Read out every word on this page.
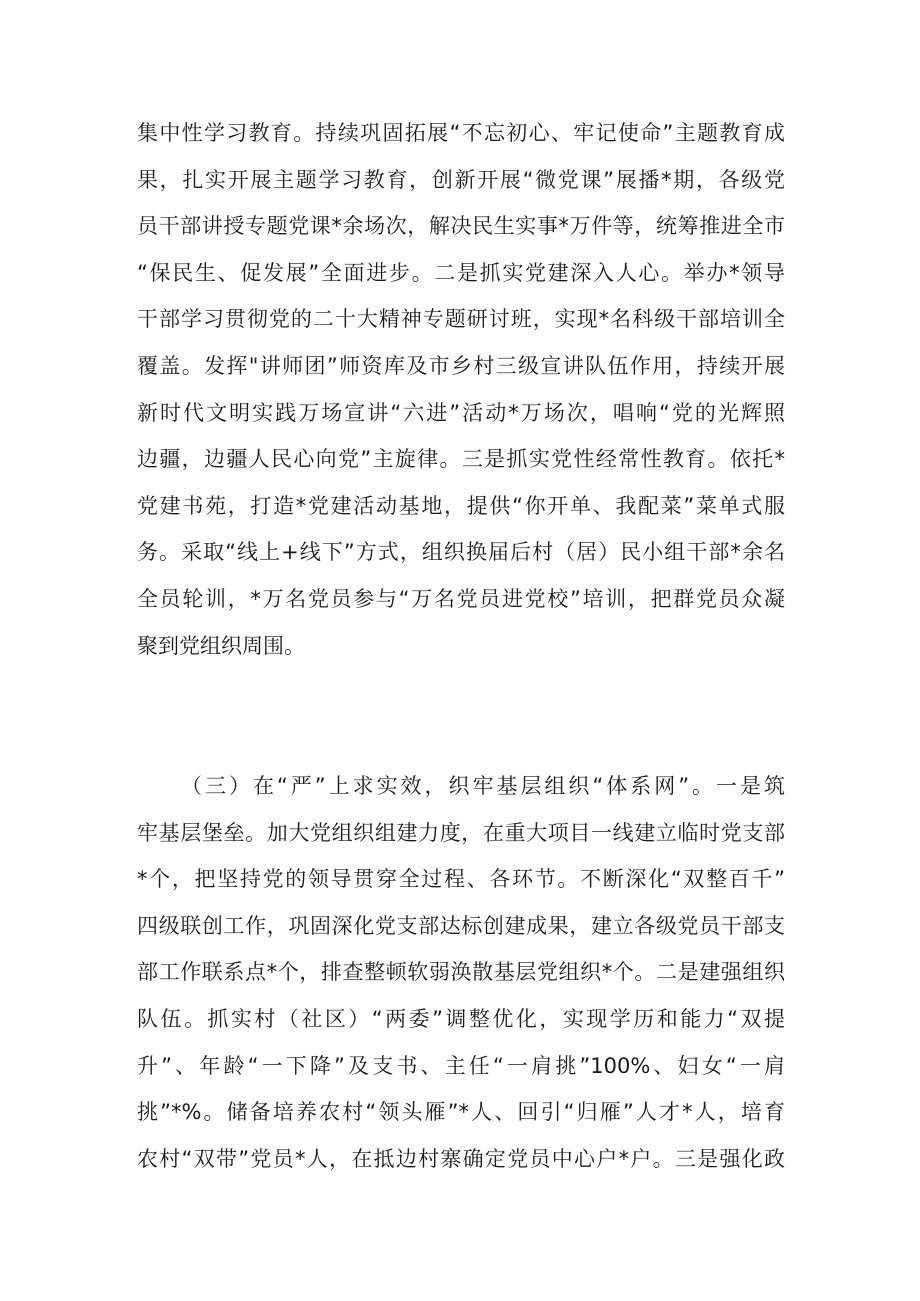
集中性学习教育。持续巩固拓展“不忘初心、牢记使命”主题教育成
果，扎实开展主题学习教育，创新开展“微党课”展播*期，各级党
员干部讲授专题党课*余场次，解决民生实事*万件等，统筹推进全市
“保民生、促发展”全面进步。二是抓实党建深入人心。举办*领导
干部学习贯彻党的二十大精神专题研讨班，实现*名科级干部培训全
覆盖。发挥"讲师团”师资库及市乡村三级宣讲队伍作用，持续开展
新时代文明实践万场宣讲“六进”活动*万场次，唱响“党的光辉照
边疆，边疆人民心向党”主旋律。三是抓实党性经常性教育。依托*
党建书苑，打造*党建活动基地，提供“你开单、我配菜”菜单式服
务。采取“线上+线下”方式，组织换届后村（居）民小组干部*余名
全员轮训，*万名党员参与“万名党员进党校”培训，把群党员众凝
聚到党组织周围。
（三）在“严”上求实效，织牢基层组织“体系网”。一是筑
牢基层堡垒。加大党组织组建力度，在重大项目一线建立临时党支部
*个，把坚持党的领导贯穿全过程、各环节。不断深化“双整百千”
四级联创工作，巩固深化党支部达标创建成果，建立各级党员干部支
部工作联系点*个，排查整顿软弱涣散基层党组织*个。二是建强组织
队伍。抓实村（社区）“两委”调整优化，实现学历和能力“双提
升”、年龄“一下降”及支书、主任“一肩挑”100%、妇女“一肩
挑”*%。储备培养农村“领头雁”*人、回引“归雁”人才*人，培育
农村“双带”党员*人，在抵边村寨确定党员中心户*户。三是强化政
